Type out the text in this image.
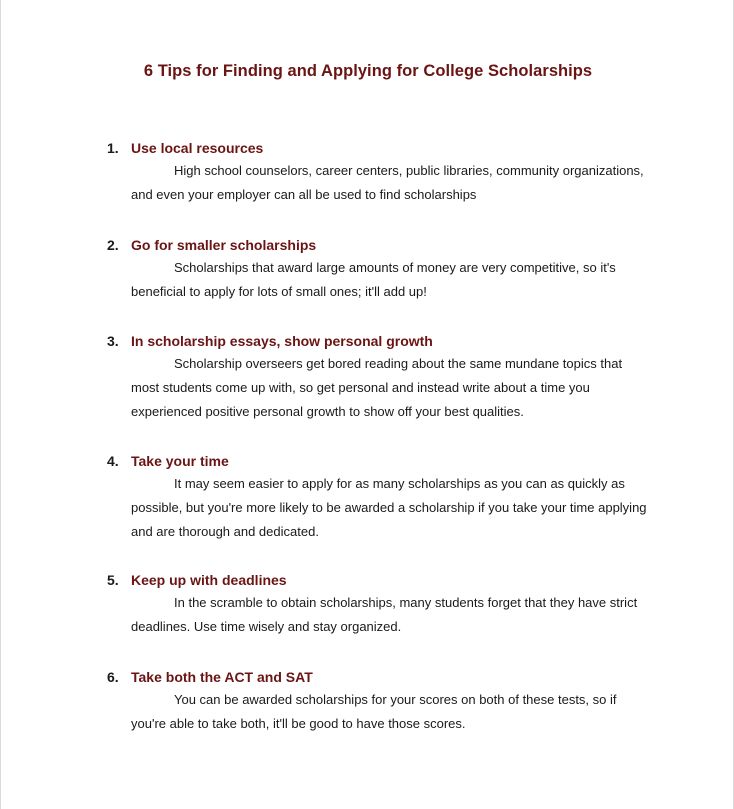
6 Tips for Finding and Applying for College Scholarships
1. Use local resources

High school counselors, career centers, public libraries, community organizations, and even your employer can all be used to find scholarships

2. Go for smaller scholarships

Scholarships that award large amounts of money are very competitive, so it's beneficial to apply for lots of small ones; it'll add up!

3. In scholarship essays, show personal growth

Scholarship overseers get bored reading about the same mundane topics that most students come up with, so get personal and instead write about a time you experienced positive personal growth to show off your best qualities.

4. Take your time

It may seem easier to apply for as many scholarships as you can as quickly as possible, but you're more likely to be awarded a scholarship if you take your time applying and are thorough and dedicated.

5. Keep up with deadlines

In the scramble to obtain scholarships, many students forget that they have strict deadlines. Use time wisely and stay organized.

6. Take both the ACT and SAT

You can be awarded scholarships for your scores on both of these tests, so if you're able to take both, it'll be good to have those scores.
